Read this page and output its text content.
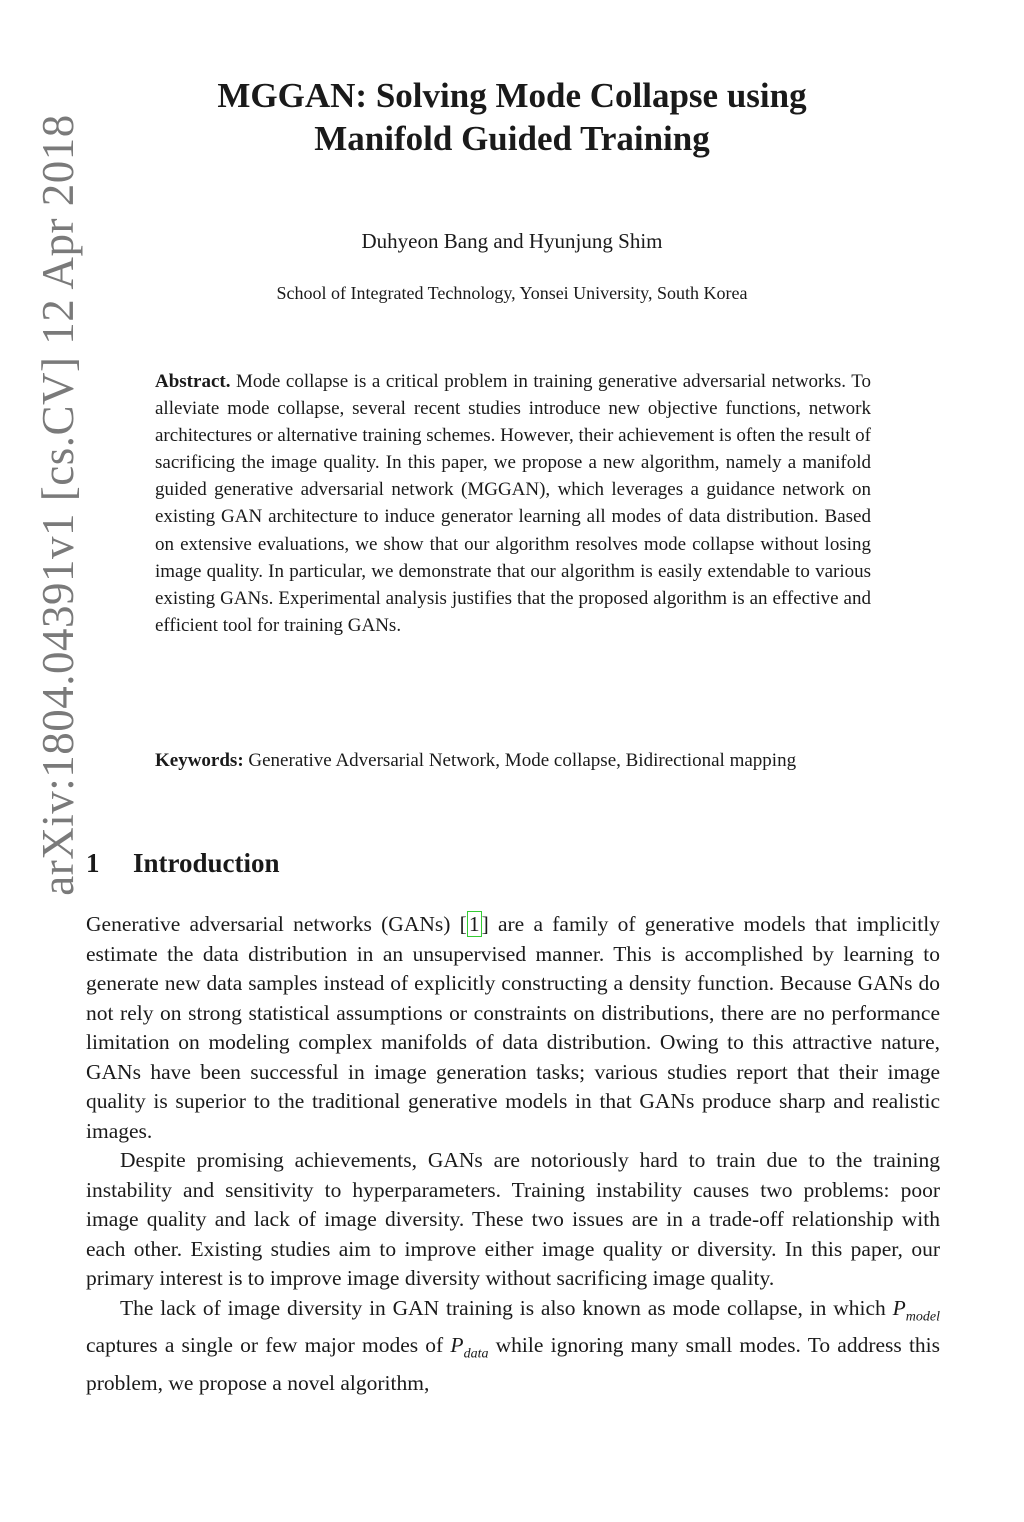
arXiv:1804.04391v1 [cs.CV] 12 Apr 2018
MGGAN: Solving Mode Collapse using
Manifold Guided Training
Duhyeon Bang and Hyunjung Shim
School of Integrated Technology, Yonsei University, South Korea
Abstract. Mode collapse is a critical problem in training generative adversarial networks. To alleviate mode collapse, several recent studies introduce new objective functions, network architectures or alternative training schemes. However, their achievement is often the result of sacrificing the image quality. In this paper, we propose a new algorithm, namely a manifold guided generative adversarial network (MGGAN), which leverages a guidance network on existing GAN architecture to induce generator learning all modes of data distribution. Based on extensive evaluations, we show that our algorithm resolves mode collapse without losing image quality. In particular, we demonstrate that our algorithm is easily extendable to various existing GANs. Experimental analysis justifies that the proposed algorithm is an effective and efficient tool for training GANs.
Keywords: Generative Adversarial Network, Mode collapse, Bidirectional mapping
1 Introduction

Generative adversarial networks (GANs) [1] are a family of generative models that implicitly estimate the data distribution in an unsupervised manner. This is accomplished by learning to generate new data samples instead of explicitly constructing a density function. Because GANs do not rely on strong statistical assumptions or constraints on distributions, there are no performance limitation on modeling complex manifolds of data distribution. Owing to this attractive nature, GANs have been successful in image generation tasks; various studies report that their image quality is superior to the traditional generative models in that GANs produce sharp and realistic images.

Despite promising achievements, GANs are notoriously hard to train due to the training instability and sensitivity to hyperparameters. Training instability causes two problems: poor image quality and lack of image diversity. These two issues are in a trade-off relationship with each other. Existing studies aim to improve either image quality or diversity. In this paper, our primary interest is to improve image diversity without sacrificing image quality.

The lack of image diversity in GAN training is also known as mode collapse, in which $P_{model}$ captures a single or few major modes of $P_{data}$ while ignoring many small modes. To address this problem, we propose a novel algorithm,
